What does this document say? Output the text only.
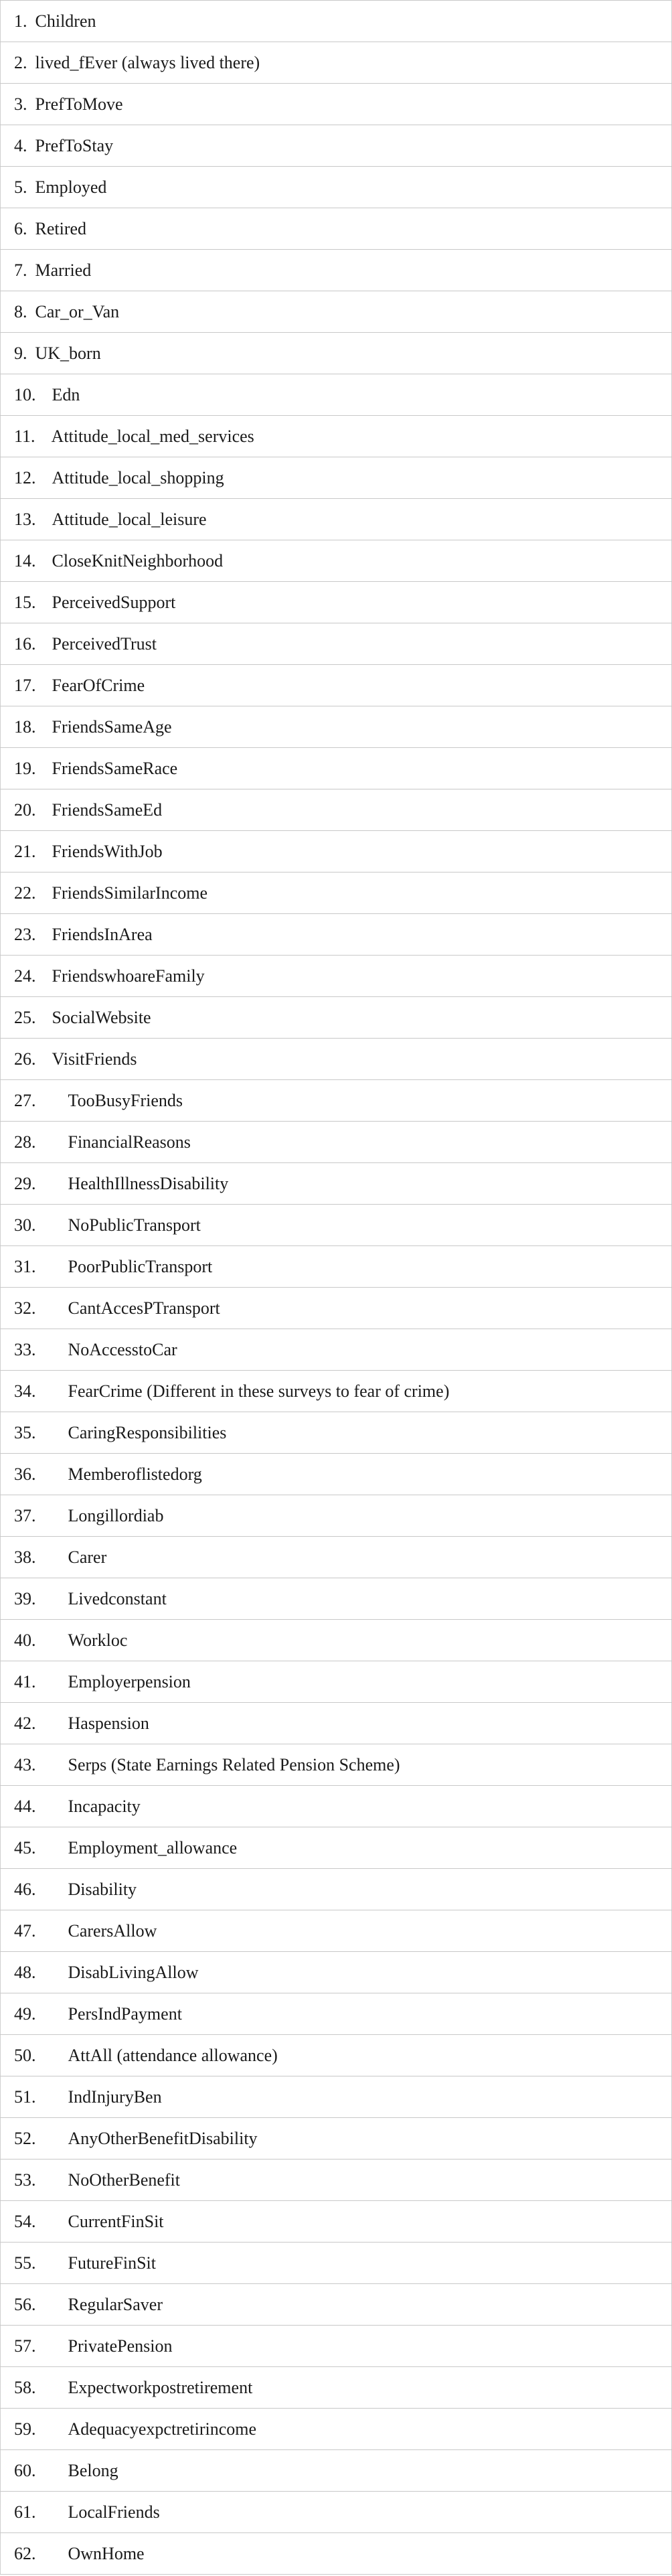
1. Children
2. lived_fEver (always lived there)
3. PrefToMove
4. PrefToStay
5. Employed
6. Retired
7. Married
8. Car_or_Van
9. UK_born
10. Edn
11. Attitude_local_med_services
12. Attitude_local_shopping
13. Attitude_local_leisure
14. CloseKnitNeighborhood
15. PerceivedSupport
16. PerceivedTrust
17. FearOfCrime
18. FriendsSameAge
19. FriendsSameRace
20. FriendsSameEd
21. FriendsWithJob
22. FriendsSimilarIncome
23. FriendsInArea
24. FriendswhoareFamily
25. SocialWebsite
26. VisitFriends
27. TooBusyFriends
28. FinancialReasons
29. HealthIllnessDisability
30. NoPublicTransport
31. PoorPublicTransport
32. CantAccesPTransport
33. NoAccesstoCar
34. FearCrime (Different in these surveys to fear of crime)
35. CaringResponsibilities
36. Memberoflistedorg
37. Longillordiab
38. Carer
39. Livedconstant
40. Workloc
41. Employerpension
42. Haspension
43. Serps (State Earnings Related Pension Scheme)
44. Incapacity
45. Employment_allowance
46. Disability
47. CarersAllow
48. DisabLivingAllow
49. PersIndPayment
50. AttAll (attendance allowance)
51. IndInjuryBen
52. AnyOtherBenefitDisability
53. NoOtherBenefit
54. CurrentFinSit
55. FutureFinSit
56. RegularSaver
57. PrivatePension
58. Expectworkpostretirement
59. Adequacyexpctretirincome
60. Belong
61. LocalFriends
62. OwnHome
